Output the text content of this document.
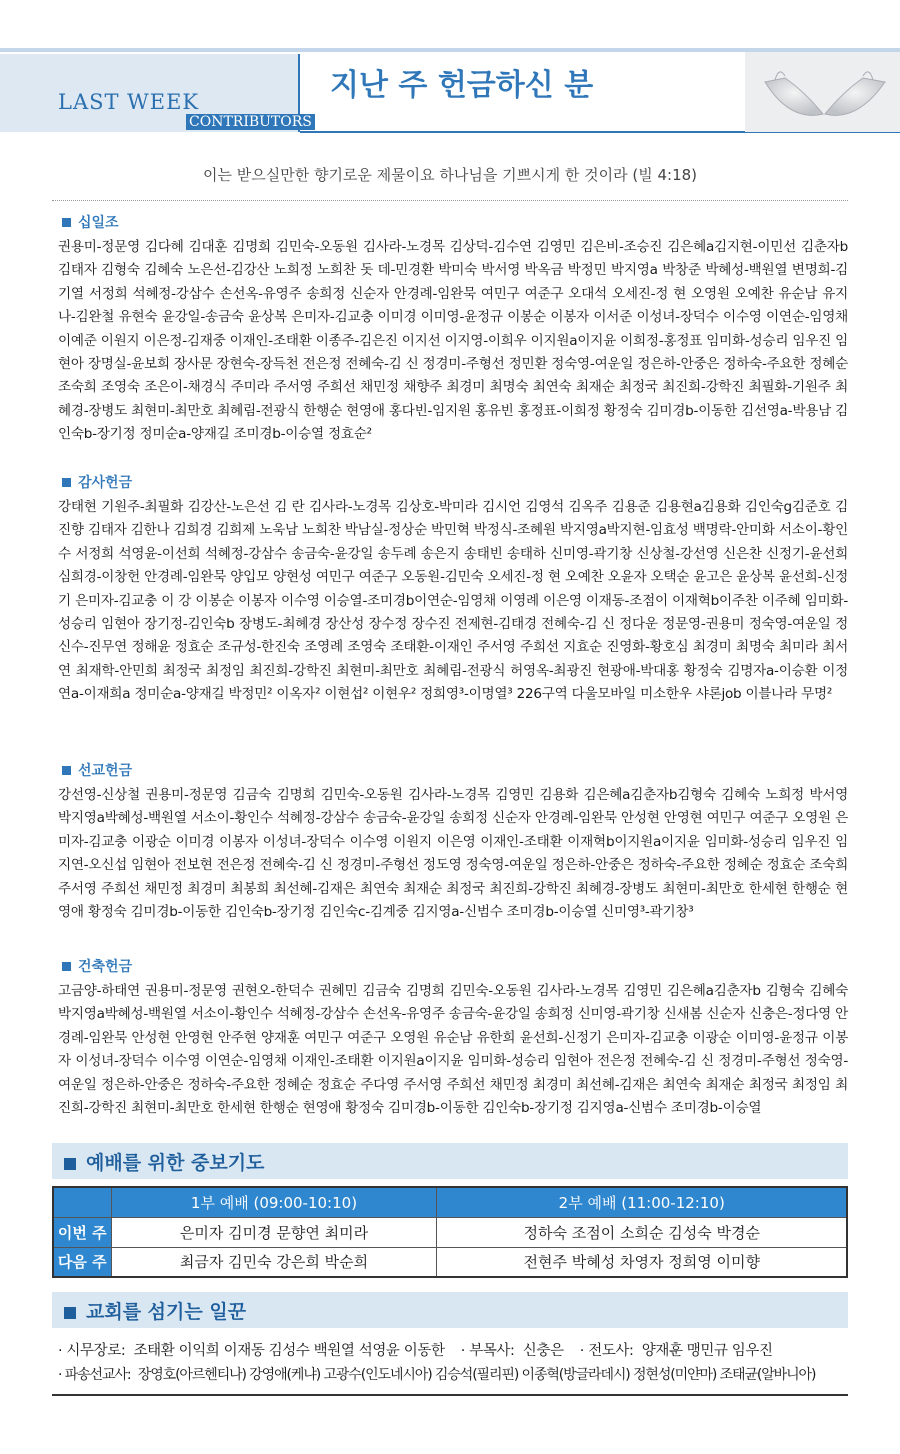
LAST WEEK
CONTRIBUTORS
지난 주 헌금하신 분
이는 받으실만한 향기로운 제물이요 하나님을 기쁘시게 한 것이라 (빌 4:18)
십일조
권용미-정문영 김다혜 김대훈 김명희 김민숙-오동원 김사라-노경목 김상덕-김수연 김영민 김은비-조승진 김은혜a김지현-이민선 김춘자b김태자 김형숙 김혜숙 노은선-김강산 노희정 노희찬 돗 데-민경환 박미숙 박서영 박옥금 박정민 박지영a 박창준 박혜성-백원열 변명희-김기열 서정희 석혜정-강삼수 손선옥-유영주 송희정 신순자 안경례-임완묵 여민구 여준구 오대석 오세진-정 현 오영원 오예찬 유순남 유지나-김완철 유현숙 윤강일-송금숙 윤상복 은미자-김교충 이미경 이미영-윤정규 이봉순 이봉자 이서준 이성녀-장덕수 이수영 이연순-임영채 이예준 이원지 이은정-김재중 이재인-조태환 이종주-김은진 이지선 이지영-이희우 이지원a이지윤 이희정-홍정표 임미화-성승리 임우진 임현아 장명실-윤보희 장사문 장현숙-장득천 전은정 전혜숙-김 신 정경미-주형선 정민환 정숙영-여운일 정은하-안중은 정하숙-주요한 정혜순 조숙희 조영숙 조은이-채경식 주미라 주서영 주희선 채민정 채향주 최경미 최명숙 최연숙 최재순 최정국 최진희-강학진 최필화-기원주 최혜경-장병도 최현미-최만호 최혜림-전광식 한행순 현영애 홍다빈-임지원 홍유빈 홍정표-이희정 황정숙 김미경b-이동한 김선영a-박용남 김인숙b-장기정 정미순a-양재길 조미경b-이승열 정효순²
감사헌금
강태현 기원주-최필화 김강산-노은선 김 란 김사라-노경목 김상호-박미라 김시언 김영석 김옥주 김용준 김용현a김용화 김인숙g김준호 김진향 김태자 김한나 김희경 김희제 노욱남 노희찬 박남실-정상순 박민혁 박정식-조혜원 박지영a박지현-임효성 백명락-안미화 서소이-황인수 서정희 석영윤-이선희 석혜정-강삼수 송금숙-윤강일 송두례 송은지 송태빈 송태하 신미영-곽기창 신상철-강선영 신은찬 신정기-윤선희 심희경-이창헌 안경례-임완묵 양입모 양현성 여민구 여준구 오동원-김민숙 오세진-정 현 오예찬 오윤자 오택순 윤고은 윤상복 윤선희-신정기 은미자-김교충 이 강 이봉순 이봉자 이수영 이승열-조미경b이연순-임영채 이영례 이은영 이재동-조점이 이재혁b이주찬 이주혜 임미화-성승리 임현아 장기정-김인숙b 장병도-최혜경 장산성 장수정 장수진 전제현-김태경 전혜숙-김 신 정다운 정문영-권용미 정숙영-여운일 정신수-진무연 정해윤 정효순 조규성-한진숙 조영례 조영숙 조태환-이재인 주서영 주희선 지효순 진영화-황호심 최경미 최명숙 최미라 최서연 최재학-안민희 최정국 최정임 최진희-강학진 최현미-최만호 최혜림-전광식 허영옥-최광진 현광애-박대홍 황정숙 김명자a-이승환 이정연a-이재희a 정미순a-양재길 박정민² 이옥자² 이현섭² 이현우² 정희영³-이명열³ 226구역 다울모바일 미소한우 샤론job 이블나라 무명²
선교헌금
강선영-신상철 권용미-정문영 김금숙 김명희 김민숙-오동원 김사라-노경목 김영민 김용화 김은혜a김춘자b김형숙 김혜숙 노희정 박서영 박지영a박혜성-백원열 서소이-황인수 석혜정-강삼수 송금숙-윤강일 송희정 신순자 안경례-임완묵 안성현 안영현 여민구 여준구 오영원 은미자-김교충 이광순 이미경 이봉자 이성녀-장덕수 이수영 이원지 이은영 이재인-조태환 이재혁b이지원a이지윤 임미화-성승리 임우진 임지연-오신섭 임현아 전보현 전은정 전혜숙-김 신 정경미-주형선 정도영 정숙영-여운일 정은하-안중은 정하숙-주요한 정혜순 정효순 조숙희 주서영 주희선 채민정 최경미 최봉희 최선혜-김재은 최연숙 최재순 최정국 최진희-강학진 최혜경-장병도 최현미-최만호 한세현 한행순 현영애 황정숙 김미경b-이동한 김인숙b-장기정 김인숙c-김계중 김지영a-신범수 조미경b-이승열 신미영³-곽기창³
건축헌금
고금양-하태연 권용미-정문영 권현오-한덕수 권혜민 김금숙 김명희 김민숙-오동원 김사라-노경목 김영민 김은혜a김춘자b 김형숙 김혜숙 박지영a박혜성-백원열 서소이-황인수 석혜정-강삼수 손선옥-유영주 송금숙-윤강일 송희정 신미영-곽기창 신새봄 신순자 신충은-정다영 안경례-임완묵 안성현 안영현 안주현 양재훈 여민구 여준구 오영원 유순남 유한희 윤선희-신정기 은미자-김교충 이광순 이미영-윤정규 이봉자 이성녀-장덕수 이수영 이연순-임영채 이재인-조태환 이지원a이지윤 임미화-성승리 임현아 전은정 전혜숙-김 신 정경미-주형선 정숙영-여운일 정은하-안중은 정하숙-주요한 정혜순 정효순 주다영 주서영 주희선 채민정 최경미 최선혜-김재은 최연숙 최재순 최정국 최정임 최진희-강학진 최현미-최만호 한세현 한행순 현영애 황정숙 김미경b-이동한 김인숙b-장기정 김지영a-신범수 조미경b-이승열
예배를 위한 중보기도
	1부 예배 (09:00-10:10)	2부 예배 (11:00-12:10)
이번 주	은미자 김미경 문향연 최미라	정하숙 조점이 소희순 김성숙 박경순
다음 주	최금자 김민숙 강은희 박순희	전현주 박혜성 차영자 정희영 이미향
교회를 섬기는 일꾼
· 시무장로: 조태환 이익희 이재동 김성수 백원열 석영윤 이동한 · 부목사: 신충은 · 전도사: 양재훈 맹민규 임우진
· 파송선교사: 장영호(아르헨티나) 강영애(케냐) 고광수(인도네시아) 김승석(필리핀) 이종혁(방글라데시) 정현성(미얀마) 조태균(알바니아)
